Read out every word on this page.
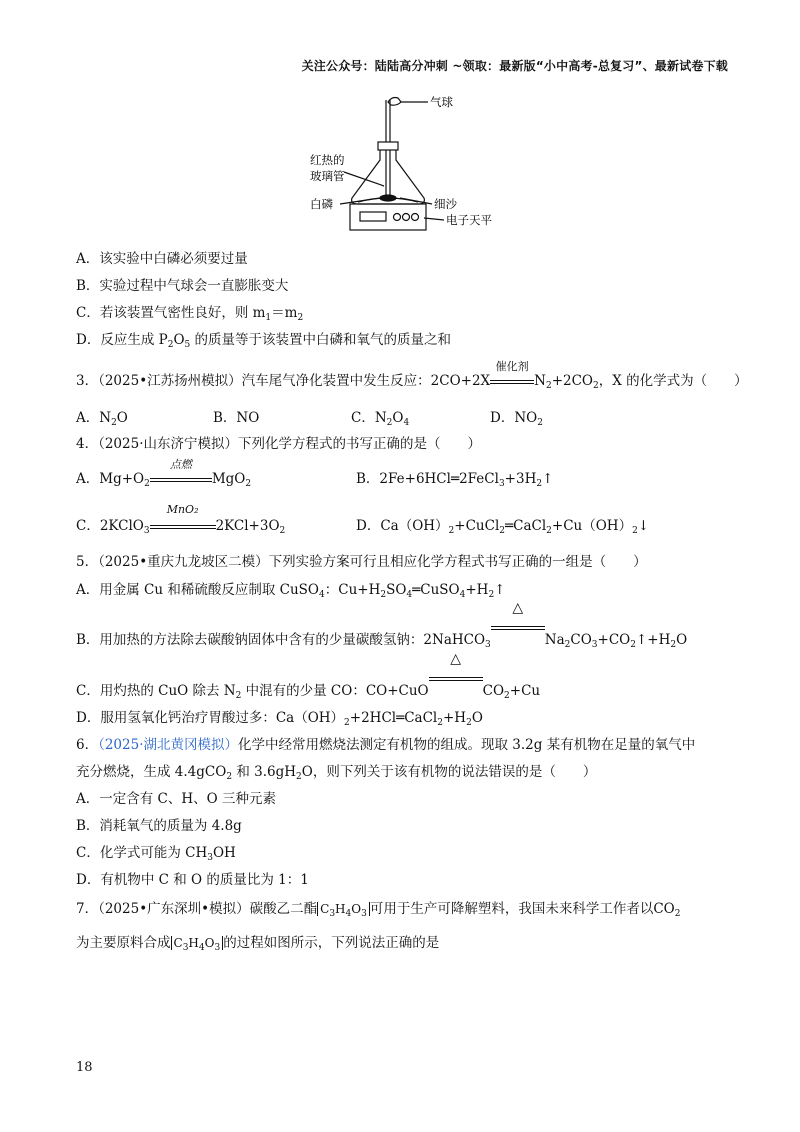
关注公众号：陆陆高分冲刺 ~领取：最新版“小中高考-总复习”、最新试卷下载
气球
红热的
玻璃管
白磷	细沙
电子天平
A．该实验中白磷必须要过量
B．实验过程中气球会一直膨胀变大
C．若该装置气密性良好，则 $m_1=m_2$
D．反应生成 $P_2O_5$ 的质量等于该装置中白磷和氧气的质量之和
3．（2025•江苏扬州模拟）汽车尾气净化装置中发生反应：2CO+2X
催化剂
$N_2+2CO_2$，X 的化学式为（　　）
A．$N_2O$	B．NO	C．$N_2O_4$	D．$NO_2$
4．（2025·山东济宁模拟）下列化学方程式的书写正确的是（　　）
A．$Mg+O_2$
点燃
MgO$_2$	B．$2Fe+6HCl═2FeCl_3+3H_2↑$
C．2KClO$_3$
MnO₂
$2KCl+3O_2$	D．$Ca(OH)_2+CuCl_2═CaCl_2+Cu(OH)_2↓$
5．（2025•重庆九龙坡区二模）下列实验方案可行且相应化学方程式书写正确的一组是（　　）
A．用金属 Cu 和稀硫酸反应制取 CuSO$_4$：$Cu+H_2SO_4═CuSO_4+H_2↑$
B．用加热的方法除去碳酸钠固体中含有的少量碳酸氢钠：2NaHCO$_3$
△
$Na_2CO_3+CO_2↑+H_2O$
C．用灼热的 CuO 除去 $N_2$ 中混有的少量 CO：CO+CuO
△
$CO_2+Cu$
D．服用氢氧化钙治疗胃酸过多：$Ca(OH)_2+2HCl═CaCl_2+H_2O$
6．（2025·湖北黄冈模拟）化学中经常用燃烧法测定有机物的组成。现取 3.2g 某有机物在足量的氧气中
充分燃烧，生成 4.4gCO$_2$ 和 $3.6gH_2O$，则下列关于该有机物的说法错误的是（　　）
A．一定含有 C、H、O 三种元素
B．消耗氧气的质量为 4.8g
C．化学式可能为 $CH_3OH$
D．有机物中 C 和 O 的质量比为 1：1
7．（2025•广东深圳•模拟）碳酸乙二酯 $C_3H_4O_3$ 可用于生产可降解塑料，我国未来科学工作者以$CO_2$
为主要原料合成 $C_3H_4O_3$ 的过程如图所示，下列说法正确的是
18
